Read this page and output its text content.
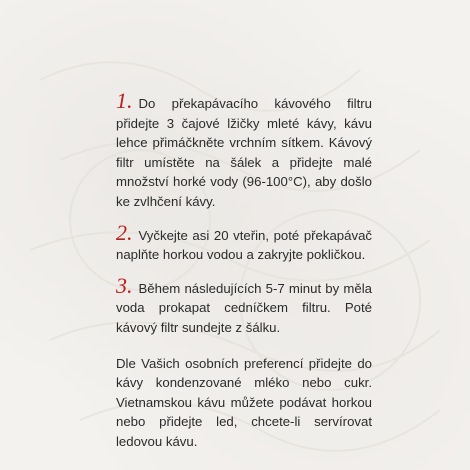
1. Do překapávacího kávového filtru přidejte 3 čajové lžičky mleté kávy, kávu lehce přimáčkněte vrchním sítkem. Kávový filtr umístěte na šálek a přidejte malé množství horké vody (96-100°C), aby došlo ke zvlhčení kávy.

2. Vyčkejte asi 20 vteřin, poté překapávač naplňte horkou vodou a zakryjte pokličkou.

3. Během následujících 5-7 minut by měla voda prokapat cedníčkem filtru. Poté kávový filtr sundejte z šálku.

Dle Vašich osobních preferencí přidejte do kávy kondenzované mléko nebo cukr. Vietnamskou kávu můžete podávat horkou nebo přidejte led, chcete-li servírovat ledovou kávu.
